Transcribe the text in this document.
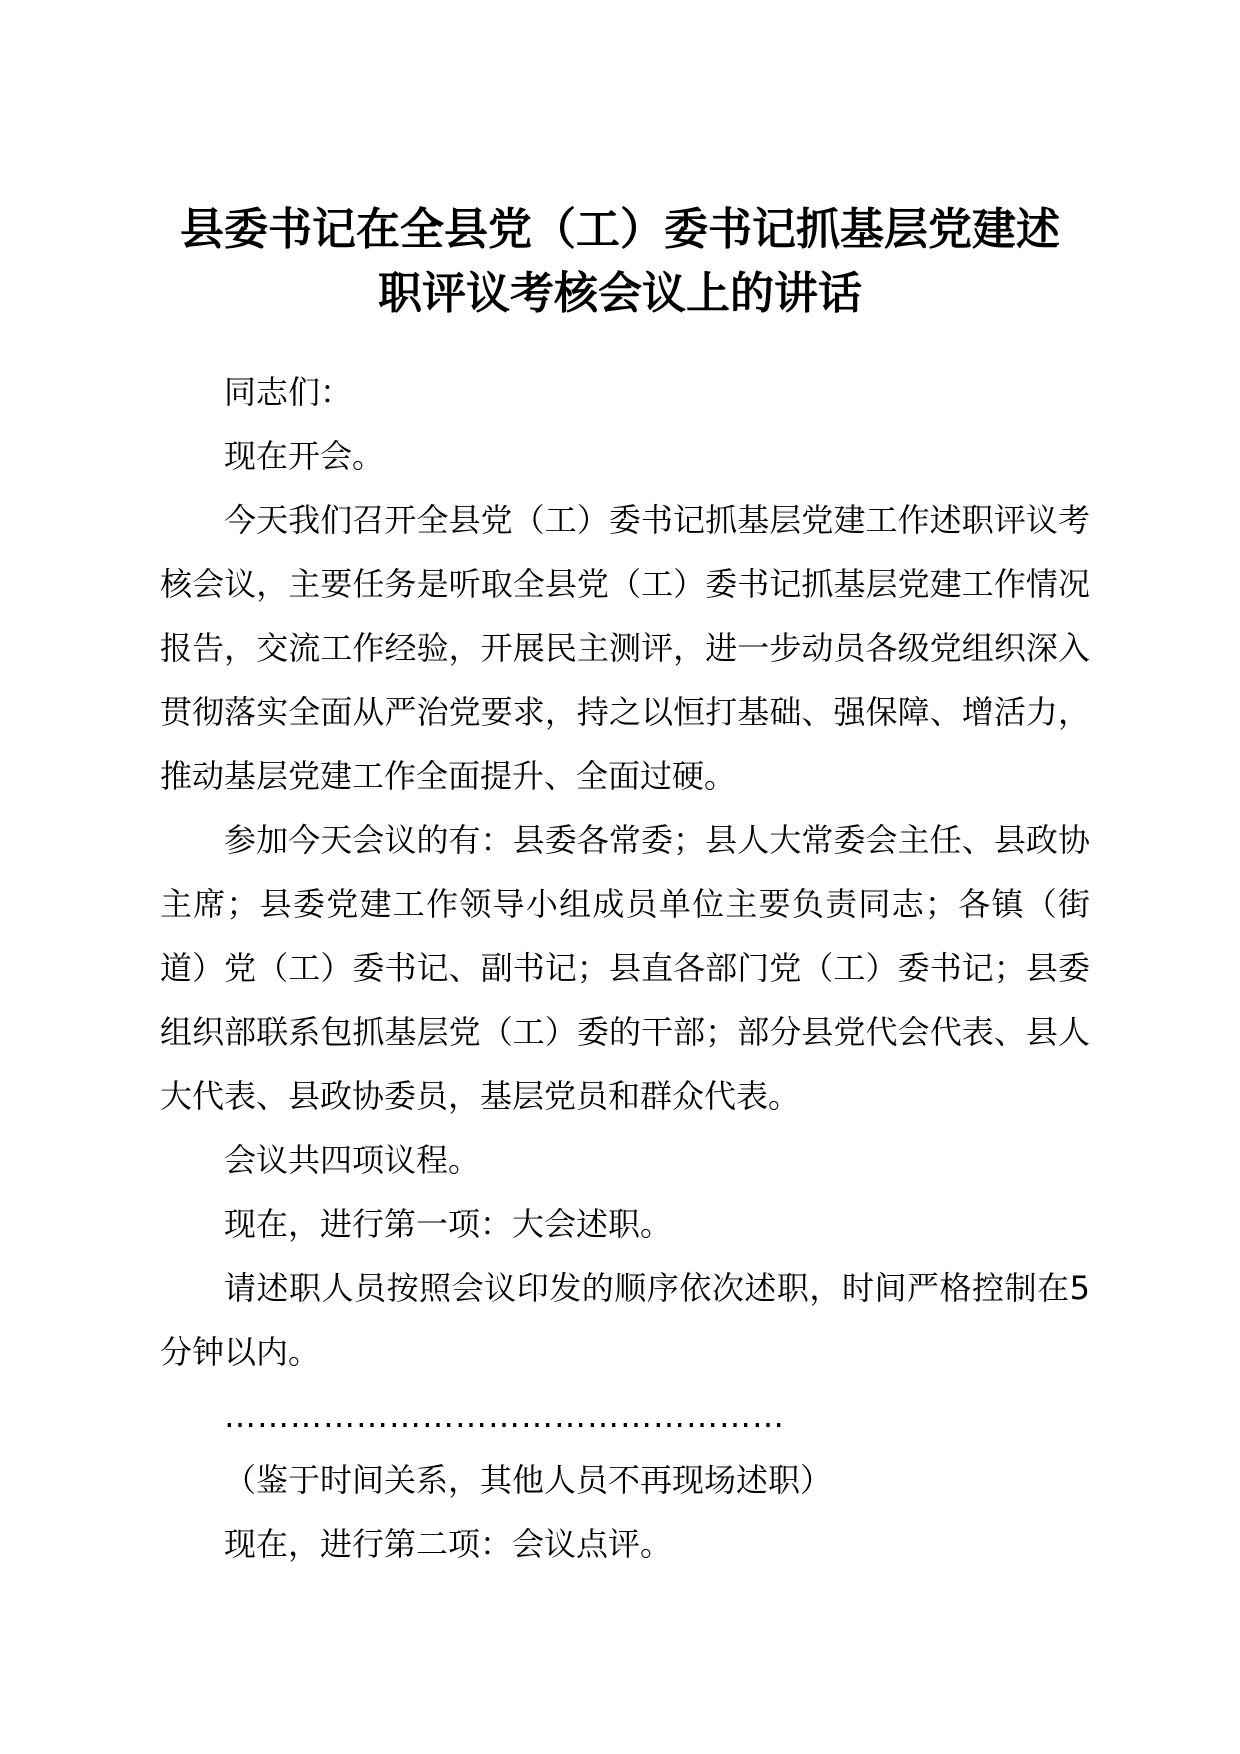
县委书记在全县党（工）委书记抓基层党建述
职评议考核会议上的讲话

同志们：

现在开会。

今天我们召开全县党（工）委书记抓基层党建工作述职评议考核会议，主要任务是听取全县党（工）委书记抓基层党建工作情况报告，交流工作经验，开展民主测评，进一步动员各级党组织深入贯彻落实全面从严治党要求，持之以恒打基础、强保障、增活力，推动基层党建工作全面提升、全面过硬。

参加今天会议的有：县委各常委；县人大常委会主任、县政协主席；县委党建工作领导小组成员单位主要负责同志；各镇（街道）党（工）委书记、副书记；县直各部门党（工）委书记；县委组织部联系包抓基层党（工）委的干部；部分县党代会代表、县人大代表、县政协委员，基层党员和群众代表。

会议共四项议程。

现在，进行第一项：大会述职。

请述职人员按照会议印发的顺序依次述职，时间严格控制在5分钟以内。

……………………………………………

（鉴于时间关系，其他人员不再现场述职）

现在，进行第二项：会议点评。
